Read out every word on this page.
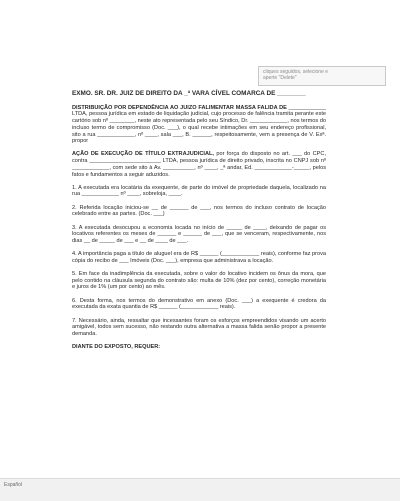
cliques seguidos, selecione e
aperte "Delete"

EXMO. SR. DR. JUIZ DE DIREITO DA _ª VARA CÍVEL COMARCA DE ________

DISTRIBUIÇÃO POR DEPENDÊNCIA AO JUIZO FALIMENTAR MASSA FALIDA DE ____________ LTDA, pessoa jurídica em estado de liquidação judicial, cujo processo de falência tramita perante este cartório sob nº ________, neste ato representada pelo seu Síndico, Dr. ____________, nos termos do incluso termo de compromisso (Doc. ___), o qual recebe intimações em seu endereço profissional, sito a rua ____________, nº ____, sala ___, B. ______, respeitosamente, vem a presença de V. Exª. propor

AÇÃO DE EXECUÇÃO DE TÍTULO EXTRAJUDICIAL, por força do disposto no art. ___ do CPC, contra _______________________ LTDA, pessoa jurídica de direito privado, inscrita no CNPJ sob nº ____________, com sede sito à Av. __________, nº ____, _ª andar, Ed. ____________-_____, pelos fatos e fundamentos a seguir aduzidos.

1. A executada era locatária da exequente, de parte do imóvel de propriedade daquela, localizado na rua ____________ nº ____, sobreloja, ____.

2. Referida locação iniciou-se __ de ______ de ___, nos termos do incluso contrato de locação celebrado entre as partes. (Doc. ___)

3. A executada desocupou a economia locada no início de _____ de ____, deixando de pagar os locativos referentes os meses de ______ e ______ de ___, que se venceram, respectivamente, nos dias __ de _____ de ___ e __ de ____ de ___.

4. A importância paga a título de aluguel era de R$ ______ (____________ reais), conforme faz prova cópia do recibo de ___ Imóveis (Doc. ___), empresa que administrava a locação.

5. Em face da inadimplência da executada, sobre o valor do locativo incidem os ônus da mora, que pelo contido na cláusula segunda do contrato são: multa de 10% (dez por cento), correção monetária e juros de 1% (um por cento) ao mês.

6. Desta forma, nos termos do demonstrativo em anexo (Doc. ___) a exequente é credora da executada da exata quantia de R$ ______ (____________ reais).

7. Necessário, ainda, ressaltar que incessantes foram os esforços empreendidos visando um acerto amigável, todos sem sucesso, não restando outra alternativa a massa falida senão propor a presente demanda.

DIANTE DO EXPOSTO, REQUER:

Español
